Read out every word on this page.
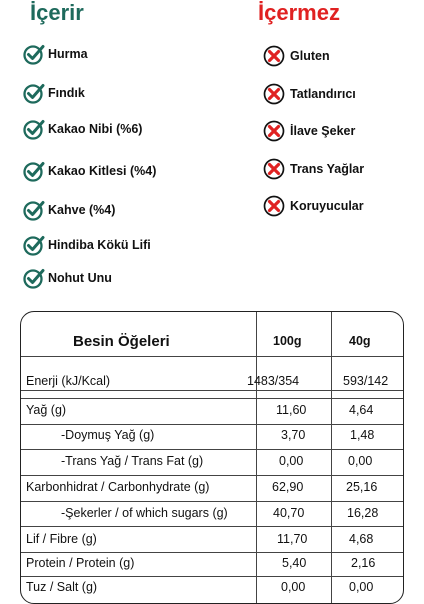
İçerir	İçermez
Hurma
Fındık
Kakao Nibi (%6)
Kakao Kitlesi (%4)
Kahve (%4)
Hindiba Kökü Lifi
Nohut Unu
Gluten
Tatlandırıcı
İlave Şeker
Trans Yağlar
Koruyucular
Besin Öğeleri	100g	40g
Enerji (kJ/Kcal)	1483/354	593/142
Yağ (g)	11,60	4,64
-Doymuş Yağ (g)	3,70	1,48
-Trans Yağ / Trans Fat (g)	0,00	0,00
Karbonhidrat / Carbonhydrate (g)	62,90	25,16
-Şekerler / of which sugars (g)	40,70	16,28
Lif / Fibre (g)	11,70	4,68
Protein / Protein (g)	5,40	2,16
Tuz / Salt (g)	0,00	0,00
